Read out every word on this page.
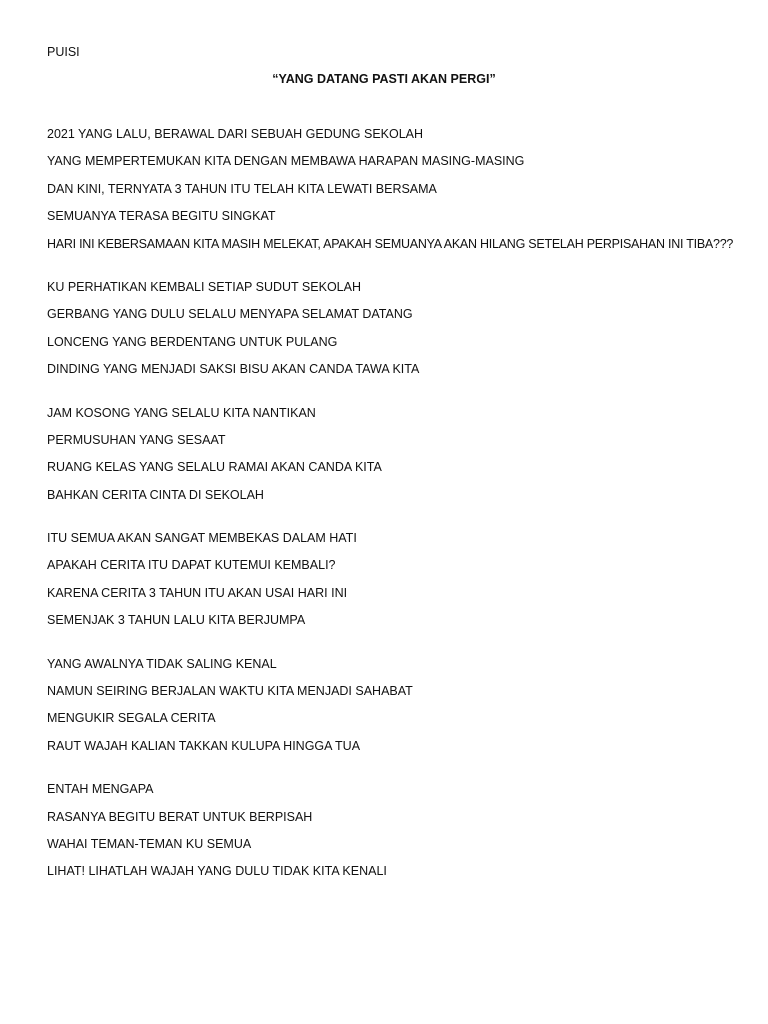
PUISI
“YANG DATANG PASTI AKAN PERGI”
2021 YANG LALU, BERAWAL DARI SEBUAH GEDUNG SEKOLAH
YANG MEMPERTEMUKAN KITA DENGAN MEMBAWA HARAPAN MASING-MASING
DAN KINI, TERNYATA 3 TAHUN ITU TELAH KITA LEWATI BERSAMA
SEMUANYA TERASA BEGITU SINGKAT
HARI INI KEBERSAMAAN KITA MASIH MELEKAT, APAKAH SEMUANYA AKAN HILANG SETELAH PERPISAHAN INI TIBA???
KU PERHATIKAN KEMBALI SETIAP SUDUT SEKOLAH
GERBANG YANG DULU SELALU MENYAPA SELAMAT DATANG
LONCENG YANG BERDENTANG UNTUK PULANG
DINDING YANG MENJADI SAKSI BISU AKAN CANDA TAWA KITA
JAM KOSONG YANG SELALU KITA NANTIKAN
PERMUSUHAN YANG SESAAT
RUANG KELAS YANG SELALU RAMAI AKAN CANDA KITA
BAHKAN CERITA CINTA DI SEKOLAH
ITU SEMUA AKAN SANGAT MEMBEKAS DALAM HATI
APAKAH CERITA ITU DAPAT KUTEMUI KEMBALI?
KARENA CERITA 3 TAHUN ITU AKAN USAI HARI INI
SEMENJAK 3 TAHUN LALU KITA BERJUMPA
YANG AWALNYA TIDAK SALING KENAL
NAMUN SEIRING BERJALAN WAKTU KITA MENJADI SAHABAT
MENGUKIR SEGALA CERITA
RAUT WAJAH KALIAN TAKKAN KULUPA HINGGA TUA
ENTAH MENGAPA
RASANYA BEGITU BERAT UNTUK BERPISAH
WAHAI TEMAN-TEMAN KU SEMUA
LIHAT! LIHATLAH WAJAH YANG DULU TIDAK KITA KENALI
